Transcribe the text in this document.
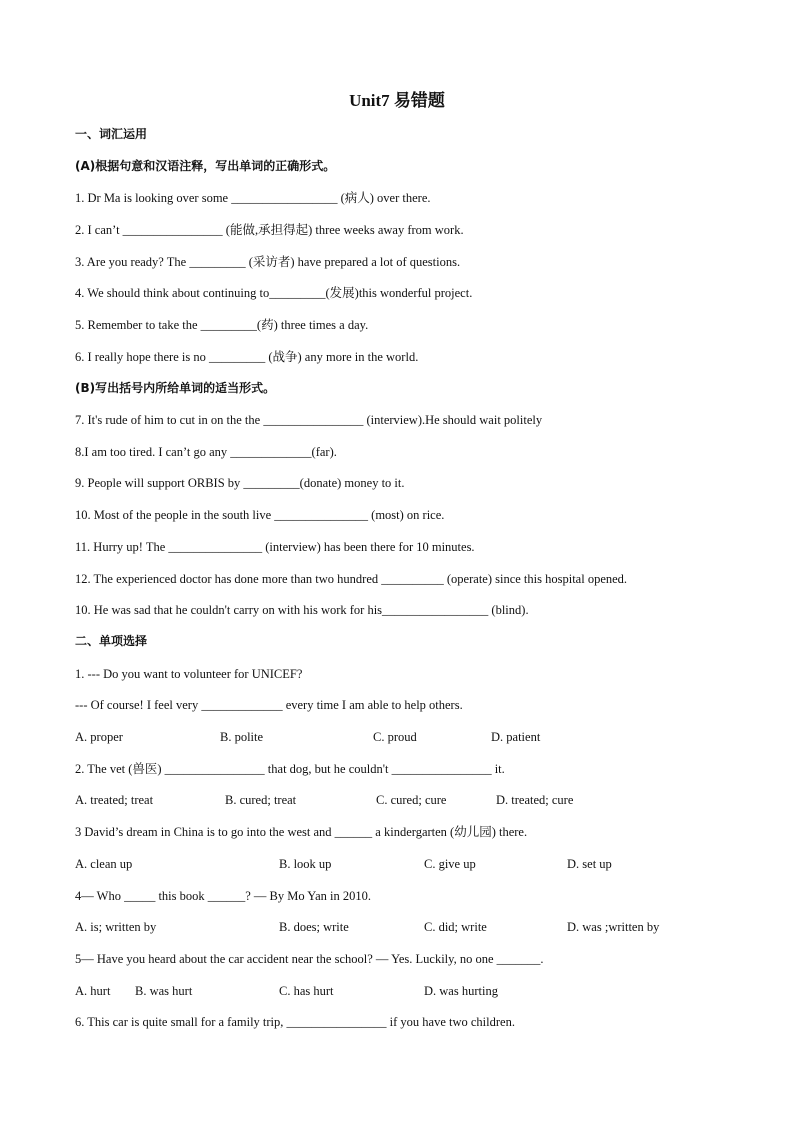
Unit7 易错题
一、词汇运用
(A)根据句意和汉语注释，写出单词的正确形式。
1. Dr Ma is looking over some _________________ (病人) over there.
2. I can’t ________________ (能做,承担得起) three weeks away from work.
3. Are you ready? The _________ (采访者) have prepared a lot of questions.
4. We should think about continuing to_________(发展)this wonderful project.
5. Remember to take the _________(药) three times a day.
6. I really hope there is no _________ (战争) any more in the world.
(B)写出括号内所给单词的适当形式。
7. It's rude of him to cut in on the the ________________ (interview).He should wait politely
8.I am too tired. I can’t go any _____________(far).
9. People will support ORBIS by _________(donate) money to it.
10. Most of the people in the south live _______________ (most) on rice.
11. Hurry up! The _______________ (interview) has been there for 10 minutes.
12. The experienced doctor has done more than two hundred __________ (operate) since this hospital opened.
10. He was sad that he couldn't carry on with his work for his_________________ (blind).
二、单项选择
1. --- Do you want to volunteer for UNICEF?
--- Of course! I feel very _____________ every time I am able to help others.
A. proper	B. polite	C. proud	D. patient
2. The vet (兽医) ________________ that dog, but he couldn't ________________ it.
A. treated; treat	B. cured; treat	C. cured; cure	D. treated; cure
3 David’s dream in China is to go into the west and ______ a kindergarten (幼儿园) there.
A. clean up	B. look up	C. give up	D. set up
4— Who _____ this book ______? — By Mo Yan in 2010.
A. is; written by	B. does; write	C. did; write	D. was ;written by
5— Have you heard about the car accident near the school? — Yes. Luckily, no one _______.
A. hurt B. was hurt	C. has hurt	D. was hurting
6. This car is quite small for a family trip, ________________ if you have two children.
